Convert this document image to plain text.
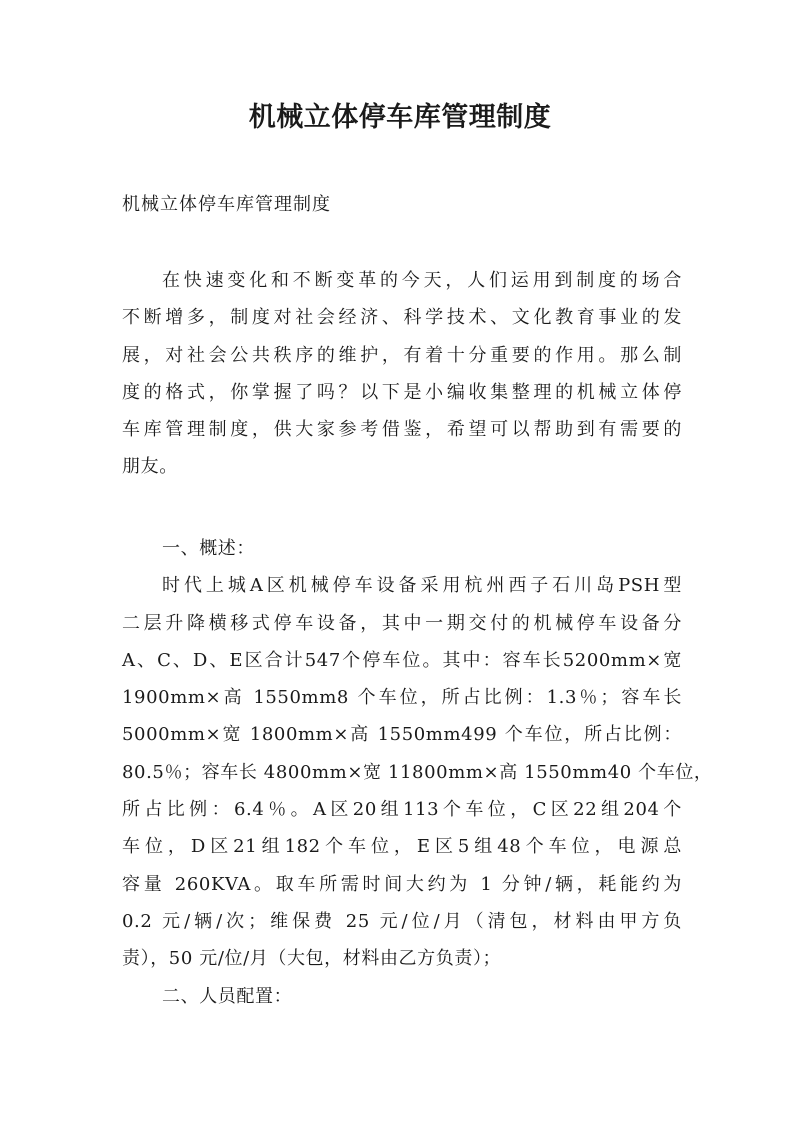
机械立体停车库管理制度

机械立体停车库管理制度

在快速变化和不断变革的今天，人们运用到制度的场合
不断增多，制度对社会经济、科学技术、文化教育事业的发
展，对社会公共秩序的维护，有着十分重要的作用。那么制
度的格式，你掌握了吗？以下是小编收集整理的机械立体停
车库管理制度，供大家参考借鉴，希望可以帮助到有需要的
朋友。
一、概述：
时代上城A区机械停车设备采用杭州西子石川岛PSH型
二层升降横移式停车设备，其中一期交付的机械停车设备分
A、C、D、E区合计547个停车位。其中：容车长5200mm×宽
1900mm×高 1550mm8 个车位，所占比例：1.3％；容车长
5000mm×宽 1800mm×高 1550mm499 个车位，所占比例：
80.5％；容车长 4800mm×宽 11800mm×高 1550mm40 个车位，
所占比例：6.4％。A区20组113个车位，C区22组204个
车位，D区21组182个车位，E区5组48个车位，电源总
容量 260KVA。取车所需时间大约为 1 分钟/辆，耗能约为
0.2 元/辆/次；维保费 25 元/位/月（清包，材料由甲方负
责），50 元/位/月（大包，材料由乙方负责）；
二、人员配置：
